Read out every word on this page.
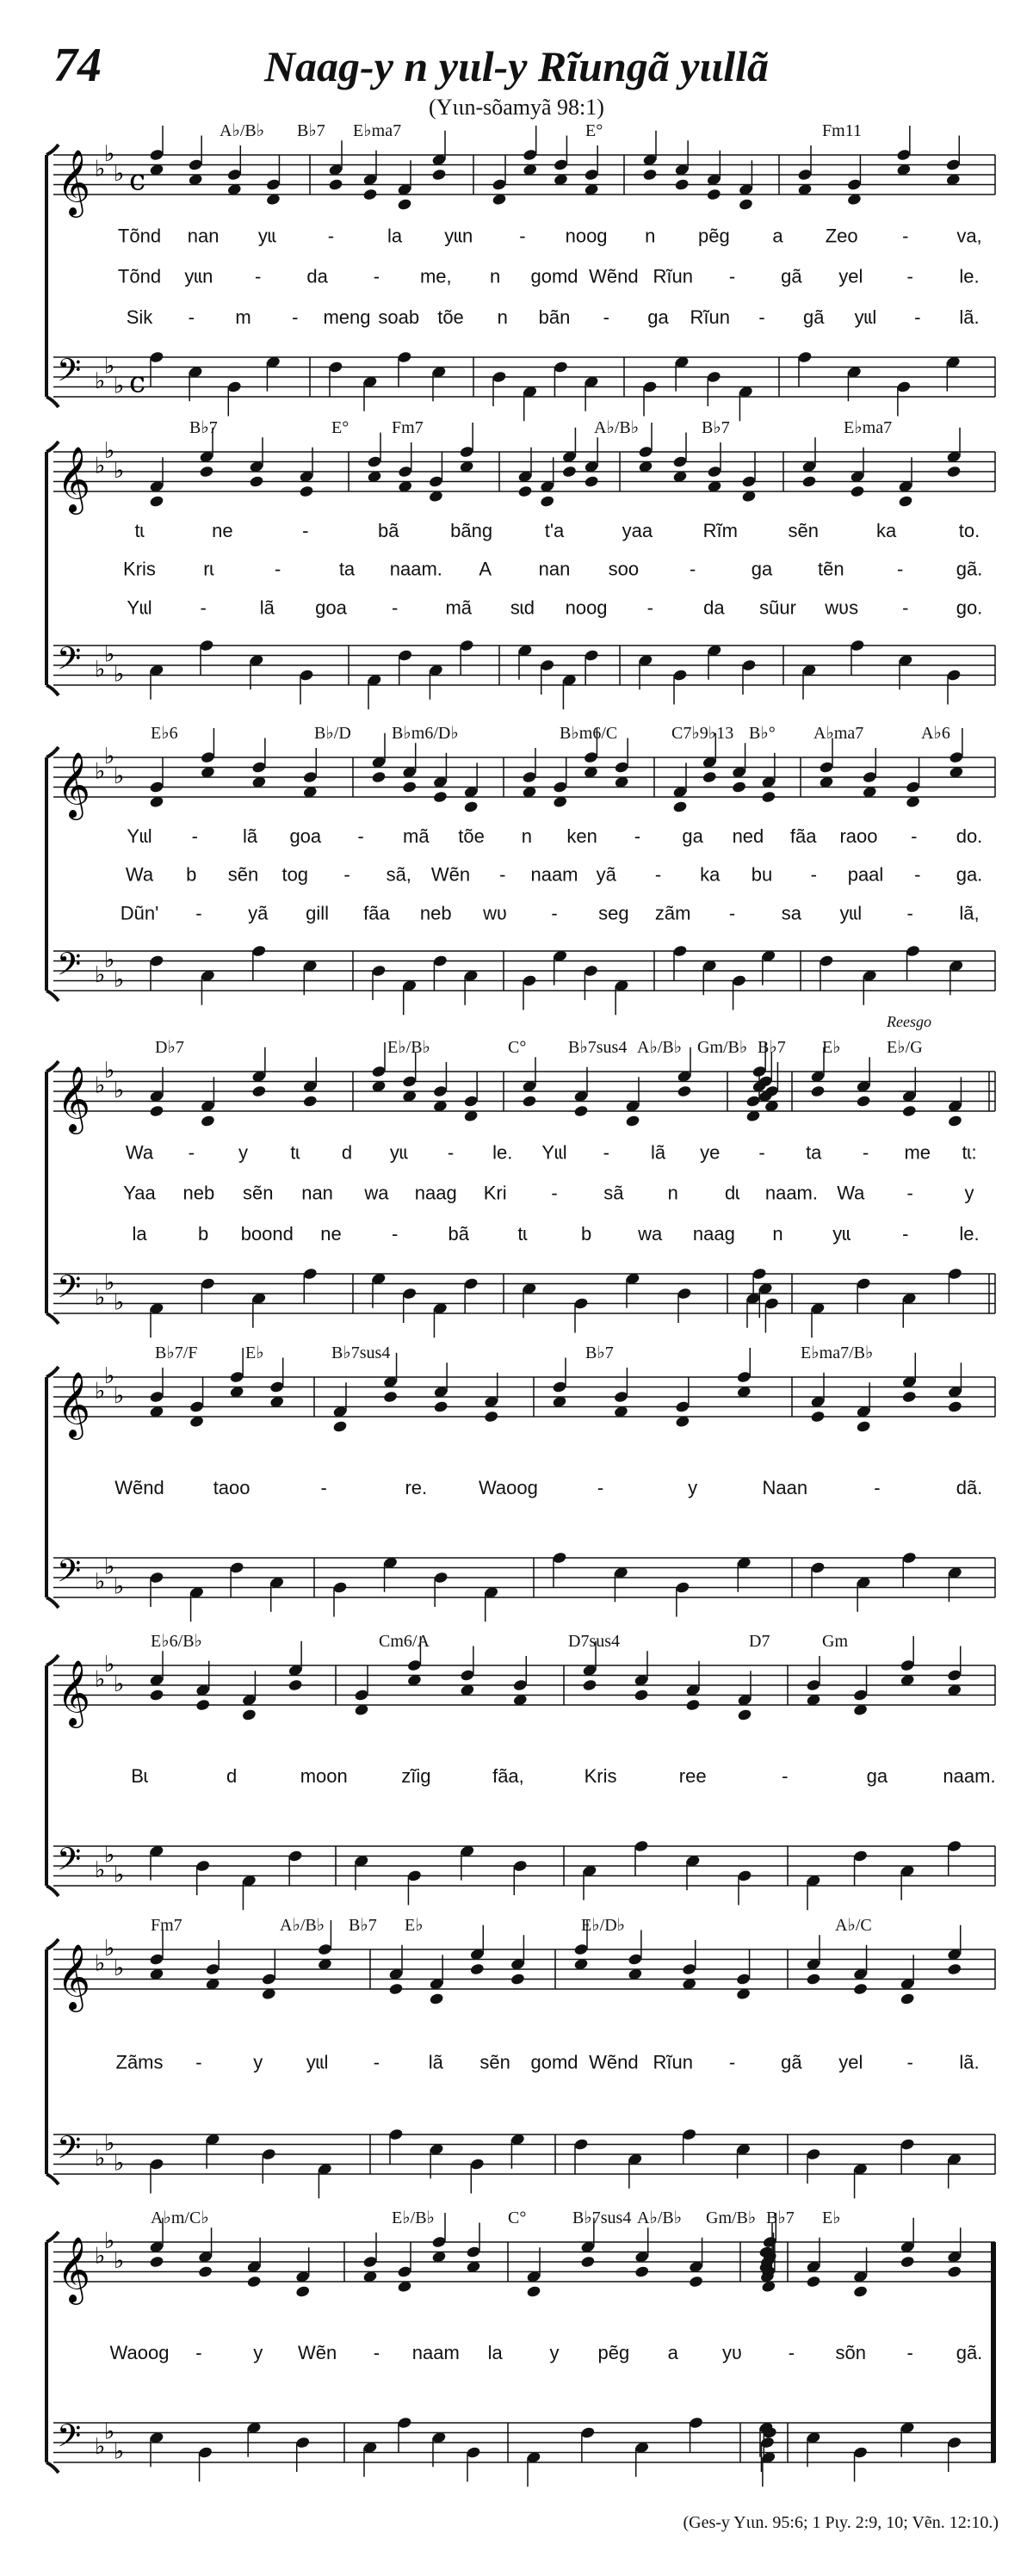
74	Naag-y n yɩɩl-y Rĩungã yɩɩllã
(Yɩɩn-sõamyã 98:1)
𝄞 ♭
♭
♭ c
𝄢 ♭
♭
♭ c
A♭/B♭ B♭7 E♭ma7	E°	Fm11
Tõnd nan yɩɩ	-	la yɩɩn - noog n pẽg a Zeo -	va,
Tõnd yɩɩn - da - me, n gomd Wẽnd Rĩun - gã yel - le.
Sik - m - meng soab tõe n bãn - ga Rĩun - gã yɩɩl - lã.
𝄞 ♭
♭
♭
𝄢 ♭
♭
♭
B♭7	E° Fm7	A♭/B♭	B♭7	E♭ma7
tɩ	ne	-	bã	bãng	t'a	yaa	Rĩm	sẽn	ka	to.
Kris	rɩ	-	ta naam. A nan soo	-	ga tẽn	-	gã.
Yɩɩl	-	lã goa -	mã sɩd noog -	da sũur wʋs -	go.
𝄞 ♭
♭
♭
𝄢 ♭
♭
♭
E♭6	B♭/D B♭m6/D♭	B♭m6/C	C7♭9♭13 B♭° A♭ma7	A♭6
Yɩɩl - lã goa - mã tõe n ken - ga ned fãa raoo - do.
Wa b sẽn tog - sã, Wẽn - naam yã - ka bu - paal - ga.
Dũn' - yã gill fãa neb wʋ - seg zãm - sa yɩɩl - lã,
𝄞 ♭
♭
♭
𝄢 ♭
♭
♭
D♭7	E♭/B♭	C° B♭7sus4 A♭/B♭ Gm/B♭ B♭7 E♭	E♭/G
Reesgo
Wa - y tɩ d yɩɩ - le. Yɩɩl - lã ye - ta - me tɩ:
Yaa neb sẽn nan wa naag Kri - sã n dɩ naam. Wa -	y
la	b boond ne	-	bã	tɩ	b wa naag n	yɩɩ	-	le.
𝄞 ♭
♭
♭
𝄢 ♭
♭
♭
B♭7/F	E♭	B♭7sus4	B♭7	E♭ma7/B♭
Wẽnd	taoo	-	re.	Waoog	-	y	Naan	-	dã.
𝄞 ♭
♭
♭
𝄢 ♭
♭
♭
E♭6/B♭	Cm6/A	D7sus4	D7	Gm
Bɩ	d	moon	zĩig	fãa,	Kris	ree	-	ga	naam.
𝄞 ♭
♭
♭
𝄢 ♭
♭
♭
Fm7	A♭/B♭ B♭7 E♭	E♭/D♭	A♭/C
Zãms -	y yɩɩl -	lã sẽn gomd Wẽnd Rĩun - gã yel - lã.
𝄞 ♭
♭
♭
𝄢 ♭
♭
♭
A♭m/C♭	E♭/B♭	C°	B♭7sus4 A♭/B♭ Gm/B♭ B♭7 E♭
Waoog -	y Wẽn - naam la y pẽg a yʋ - sõn - gã.
(Ges-y Yɩɩn. 95:6; 1 Pɩy. 2:9, 10; Vẽn. 12:10.)
